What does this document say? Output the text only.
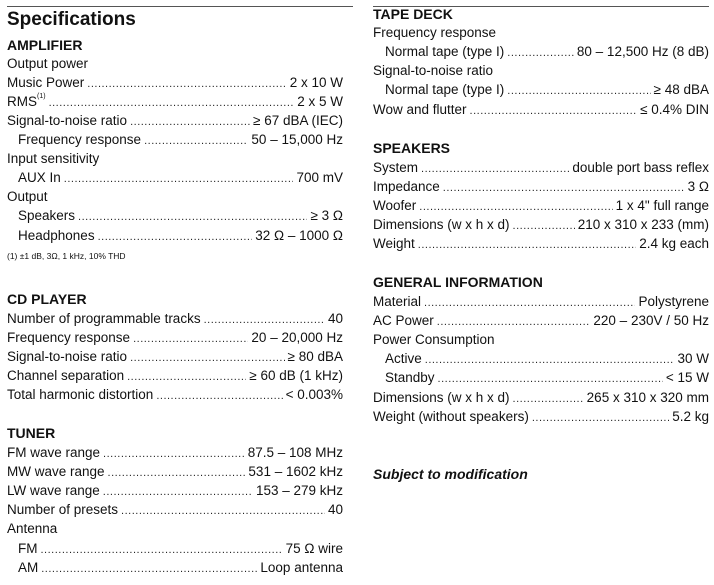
Specifications
AMPLIFIER
Output power
Music Power .....	2 x 10 W
RMS$^{(1)}$ .....	2 x 5 W
Signal-to-noise ratio .....	≥ 67 dBA (IEC)
Frequency response .....	50 – 15,000 Hz
Input sensitivity
AUX In .....	700 mV
Output
Speakers .....	≥ 3 Ω
Headphones .....	32 Ω – 1000 Ω
(1) ±1 dB, 3Ω, 1 kHz, 10% THD
CD PLAYER
Number of programmable tracks .....	40
Frequency response .....	20 – 20,000 Hz
Signal-to-noise ratio .....	≥ 80 dBA
Channel separation .....	≥ 60 dB (1 kHz)
Total harmonic distortion .....	< 0.003%
TUNER
FM wave range .....	87.5 – 108 MHz
MW wave range .....	531 – 1602 kHz
LW wave range .....	153 – 279 kHz
Number of presets .....	40
Antenna
FM .....	75 Ω wire
AM .....	Loop antenna
TAPE DECK
Frequency response
Normal tape (type I) .....	80 – 12,500 Hz (8 dB)
Signal-to-noise ratio
Normal tape (type I) .....	≥ 48 dBA
Wow and flutter .....	≤ 0.4% DIN
SPEAKERS
System .....	double port bass reflex
Impedance .....	3 Ω
Woofer .....	1 x 4" full range
Dimensions (w x h x d) .....	210 x 310 x 233 (mm)
Weight .....	2.4 kg each
GENERAL INFORMATION
Material .....	Polystyrene
AC Power .....	220 – 230V / 50 Hz
Power Consumption
Active .....	30 W
Standby .....	< 15 W
Dimensions (w x h x d) .....	265 x 310 x 320 mm
Weight (without speakers) .....	5.2 kg
Subject to modification
